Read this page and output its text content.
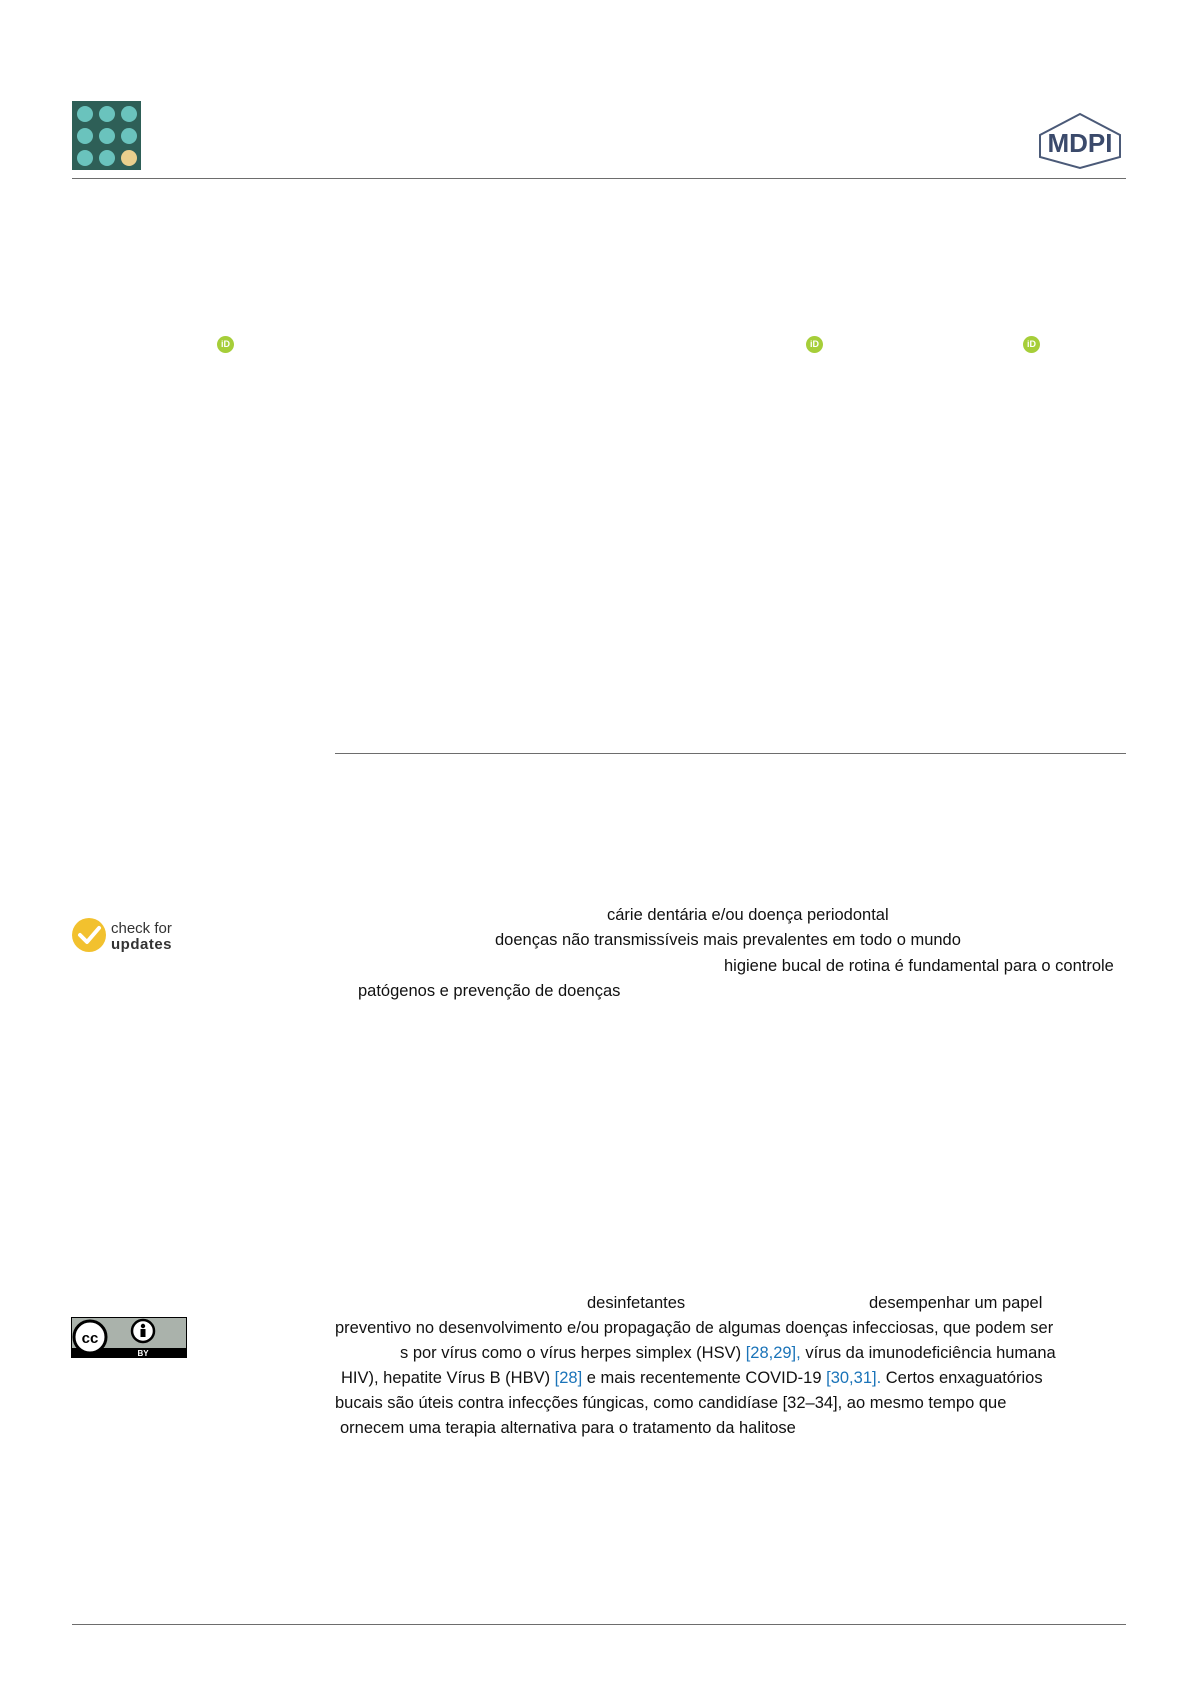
MDPI
iD	iD	iD
check for
updates
cárie dentária e/ou doença periodontal
doenças não transmissíveis mais prevalentes em todo o mundo
higiene bucal de rotina é fundamental para o controle
patógenos e prevenção de doenças
cc
BY
desinfetantes	desempenhar um papel
preventivo no desenvolvimento e/ou propagação de algumas doenças infecciosas, que podem ser
s por vírus como o vírus herpes simplex (HSV) [28,29], vírus da imunodeficiência humana
HIV), hepatite Vírus B (HBV) [28] e mais recentemente COVID-19 [30,31]. Certos enxaguatórios
bucais são úteis contra infecções fúngicas, como candidíase [32–34], ao mesmo tempo que
ornecem uma terapia alternativa para o tratamento da halitose
